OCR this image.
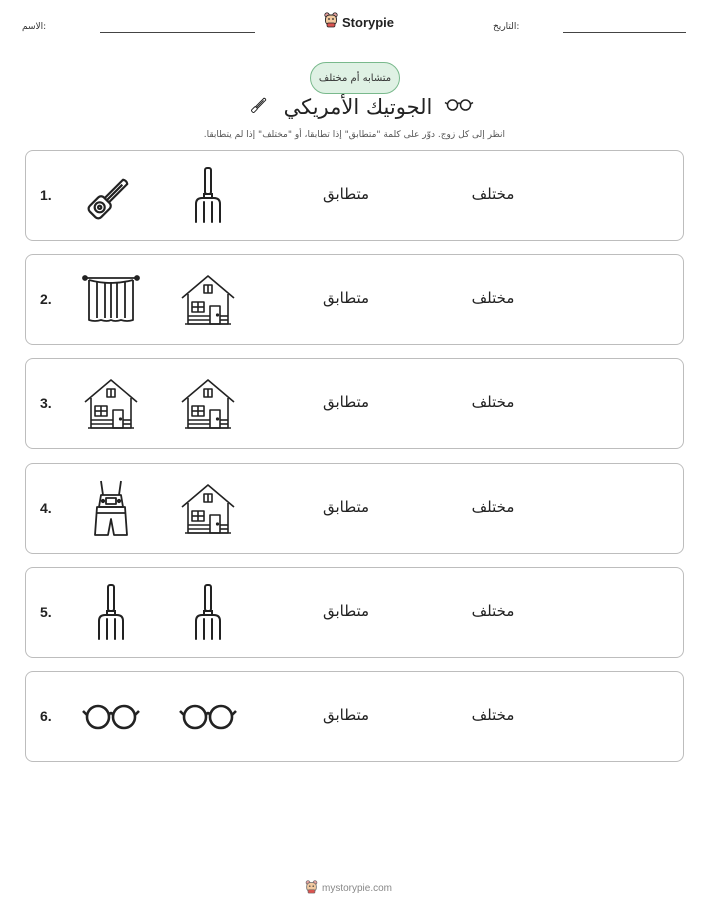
الاسم:	Storypie	التاريخ:
متشابه أم مختلف
الجوتيك الأمريكي
انظر إلى كل زوج. دوّر على كلمة "متطابق" إذا تطابقا، أو "مختلف" إذا لم يتطابقا.
1.	متطابق	مختلف
2.	متطابق	مختلف
3.	متطابق	مختلف
4.	متطابق	مختلف
5.	متطابق	مختلف
6.	متطابق	مختلف
mystorypie.com
